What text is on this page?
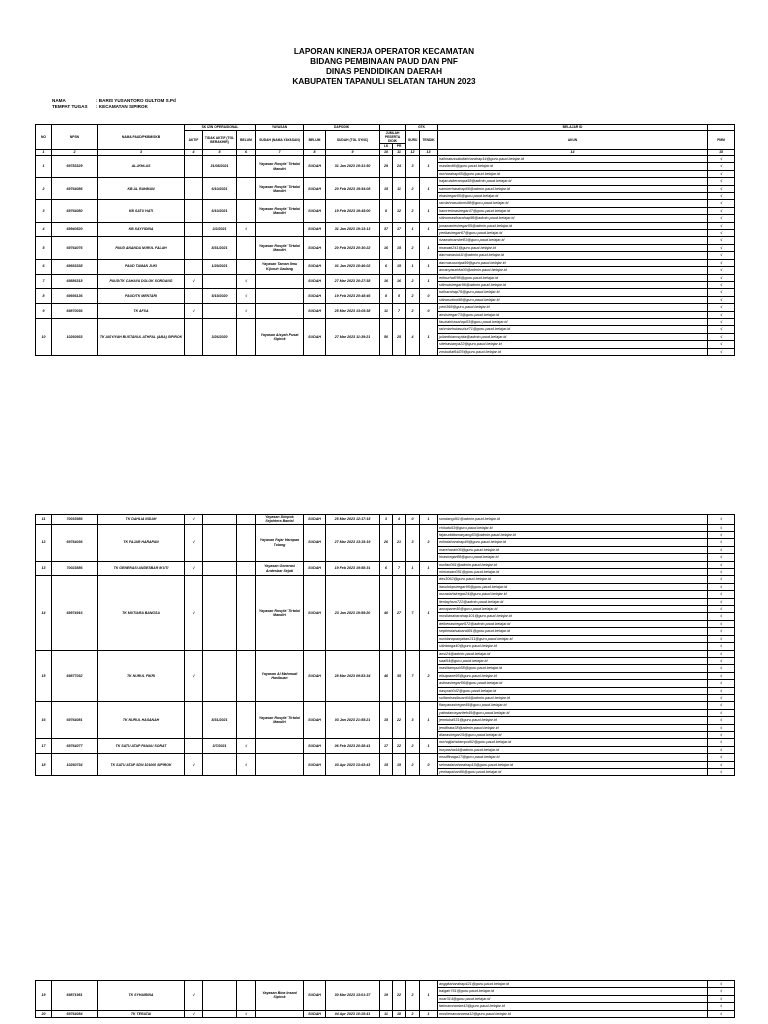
LAPORAN KINERJA OPERATOR KECAMATAN
BIDANG PEMBINAAN PAUD DAN PNF
DINAS PENDIDIKAN DAERAH
KABUPATEN TAPANULI SELATAN TAHUN 2023
NAMA	: BARIS YUSANTORO GULTOM S.Pd
TEMPAT TUGAS : KECAMATAN SIPIROK
NO	NPSN	NAMA PAUD/PKBM/SKB	SK IZIN OPERASIONAL			YAYASAN	DAPODIK				GTK		BELAJAR ID	
			AKTIF	TIDAK AKTIF (TGL BERAKHIR)	BELUM	SUDAH (NAMA YAYASAN)	BELUM	SUDAH (TGL SYNC)	JUMLAH PESERTA DIDIK		GURU	TENDIK	AKUN	PMM
									LK	PR				
1	2	3	4	5	6	7	8	9	10	11	12	13	14	15
1	69783329	AL-IKHLAS		31/08/2021		Yayasan Rosyfa' Tirtaloi Mandiri	SUDAH	31 Jan 2023 19:31:50	29	24	3	1	halimatussakdiahharahap14@guru.paud.belajar.id	√
													masfardi6@guru.paud.belajar.id	√
													nurharahap65@guru.paud.belajar.id	√
2	69764086	KB AL RAHMAN		6/10/2021		Yayasan Rosyfa' Tirtaloi Mandiri	SUDAH	20 Feb 2023 19:54:08	15	11	2	1	hajarulsiterampa58@admin.paud.belajar.id	√
													samberharahap66@admin.paud.belajar.id	√
													ekasiregar65@guru.paud.belajar.id	√
3	69764080	KB SATU HATI		6/10/2021		Yayasan Rosyfa' Tirtaloi Mandiri	SUDAH	19 Feb 2023 19:45:00	8	12	2	1	ramlahnasutions98@guru.paud.belajar.id	√
													hamreninasiregar47@guru.paud.belajar.id	√
													sitinurnasiharahap98@admin.paud.belajar.id	√
4	69940520	KB SAYYIDINA		2/2/2021	√		SUDAH	31 Jan 2023 19:13:13	37	17	1	1	jonawaniesiregar55@admin.paud.belajar.id	√
													yenltasiregar67@guru.paud.belajar.id	√
5	69764076	PAUD ANANDA NURUL FALAH		8/31/2021		Yayasan Rosyfa' Tirtaloi Mandiri	SUDAH	20 Feb 2023 20:30:22	16	15	2	1	rizawahrambe81@guru.paud.belajar.id	√
													rinawati241@guru.paud.belajar.id	√
													darmanasiut11@admin.paud.belajar.id	√
6	69933338	PAUD TAMAN JUKI		1/29/2021		Yayasan Taman Ilmu Kijuruh Gadang	SUDAH	01 Jan 2023 18:46:02	6	15	1	1	darmasusoripa99@guru.paud.belajar.id	√
													amanyaszirita00@admin.paud.belajar.id	√
7	69886318	PAUD/TK CAHAYA DOLOK SORDANG	√		√		SUDAH	27 Mar 2023 20:27:38	16	16	2	1	erlinurhaR95@guru.paud.belajar.id	√
													sitimutsiregar96@admin.paud.belajar.id	√
8	69936136	PAUD/TK MENTARI		5/19/2020	√		SUDAH	19 Feb 2023 20:48:46	8	5	2	0	tutiharahap76@guru.paud.belajar.id	√
													sitinasution98@guru.paud.belajar.id	√
9	69870036	TK AFSA	√		√		SUDAH	25 Mar 2023 13:05:38	11	7	2	0	yeni368@guru.paud.belajar.id	√
													ansisiregar73@guru.paud.belajar.id	√
10	10260933	TK AISYIYAH BUSTANUL ATHFAL (ABA) SIPIROK		3/26/2020		Yayasan Aisyah Pusat Sipirok	SUDAH	27 Mar 2023 11:39:21	50	25	4	1	fauziahhasahap53@guru.paud.belajar.id	√
													rahmiarhutasuhut71@guru.paud.belajar.id	√
													julianthiarosyida@admin.paud.belajar.id	√
													sitehasianya22@guru.paud.belajar.id	√
													znstudiaf64l25@guru.paud.belajar.id	√
11	70033986	TK DAHLIA INDAH	√			Yayasan Dimpok Sejahtera Bantal	SUDAH	25 Mar 2023 12:17:15	3	4	0	1	sondang461@admin.paud.belajar.id	√
12	69764036	TK FAJAR HARAPAN	√			Yayasan Fajar Harapan Tolang	SUDAH	27 Mar 2023 13:15:19	26	21	3	2	chiludu53@guru.paud.belajar.id	√
													fajarudditamaryang53@admin.paud.belajar.id	√
													erlindaharahap46@guru.paud.belajar.id	√
													mareharah06@guru.paud.belajar.id	√
													hirasiregar88@guru.paud.belajar.id	√
13	70023886	TK GENERASI ANDESBAR IKUTI	√			Yayasan Generasi Andesbar Sejati	SUDAH	19 Feb 2023 19:58:31	6	7	1	1	nurilan061@admin.paud.belajar.id	√
													mirirawan051@guru.paud.belajar.id	√
14	69974916	TK MUTIARA BANGSA	√			Yayasan Rosyfa' Tirtaloi Mandiri	SUDAH	23 Jan 2023 19:59:20	40	27	7	1	des3062@guru.paud.belajar.id	√
													itasulokpsiregar95@guru.paud.belajar.id	√
													nuraziahsiregar24@guru.paud.belajar.id	√
													lienlayhsm722@admin.paud.belajar.id	√
													annapane40@guru.paud.belajar.id	√
													moslianaharahap101@guru.paud.belajar.id	√
													delkenasiregar572@admin.paud.belajar.id	√
													septimdalsabaraii91@guru.paud.belajar.id	√
													nuridanapanjaitan211@guru.paud.belajar.id	√
													sitintanga40@guru.paud.belajar.id	√
15	69877032	TK NURUL FIKRI	√			Yayasan Al Mahmudi Hasibuan	SUDAH	28 Mar 2023 09:53:34	46	35	7	2	ansi24@admin.paud.belajar.id	√
													saal54@guru.paud.belajar.id	√
													maslitampub58@guru.paud.belajar.id	√
													elisapane95@guru.paud.belajar.id	√
													astinasiregar56@guru.paud.belajar.id	√
													nasyrah042@guru.paud.belajar.id	√
													sulfamhasibuan64@admin.paud.belajar.id	√
16	69764081	TK NURUL HASANAH		8/31/2021		Yayasan Rosyfa' Tirtaloi Mandiri	SUDAH	03 Jan 2023 21:55:21	15	22	3	1	fianyanasiregar45@guru.paud.belajar.id	√
													yatindamayariteh45@guru.paud.belajar.id	√
													jennluka531@guru.paud.belajar.id	√
													jendihata38@admin.paud.belajar.id	√
													dianasiregar15@guru.paud.belajar.id	√
17	69764077	TK SATU ATAP PANAU SORAT		3/7/2021	√		SUDAH	06 Feb 2023 20:38:41	17	22	2	1	nurhajijahsitampul62@guru.paud.belajar.id	√
													hurpasha44@admin.paud.belajar.id	√
18	10260734	TK SATU ATAP SDN 101000 SIPIROK	√		√		SUDAH	03 Apr 2023 13:43:43	15	15	2	0	nissiffinaga17@guru.paud.belajar.id	√
													selmadahaharahap15@guru.paud.belajar.id	√
													yenitapahan86@guru.paud.belajar.id	√
19	69871951	TK SYHAIRINA	√			Yayasan Bina Insani Sipirok	SUDAH	30 Mar 2023 13:01:37	19	22	2	1	anggitaharahap421@guru.paud.belajar.id	√
													balgah761@guru.paud.belajar.id	√
													noar314@guru.paud.belajar.id	√
													fatimamrambe43@guru.paud.belajar.id	√
20	69764084	TK TERATAI	√		√		SUDAH	04 Apr 2023 10:15:41	11	18	2	1	moslienamanarna12@guru.paud.belajar.id	√
